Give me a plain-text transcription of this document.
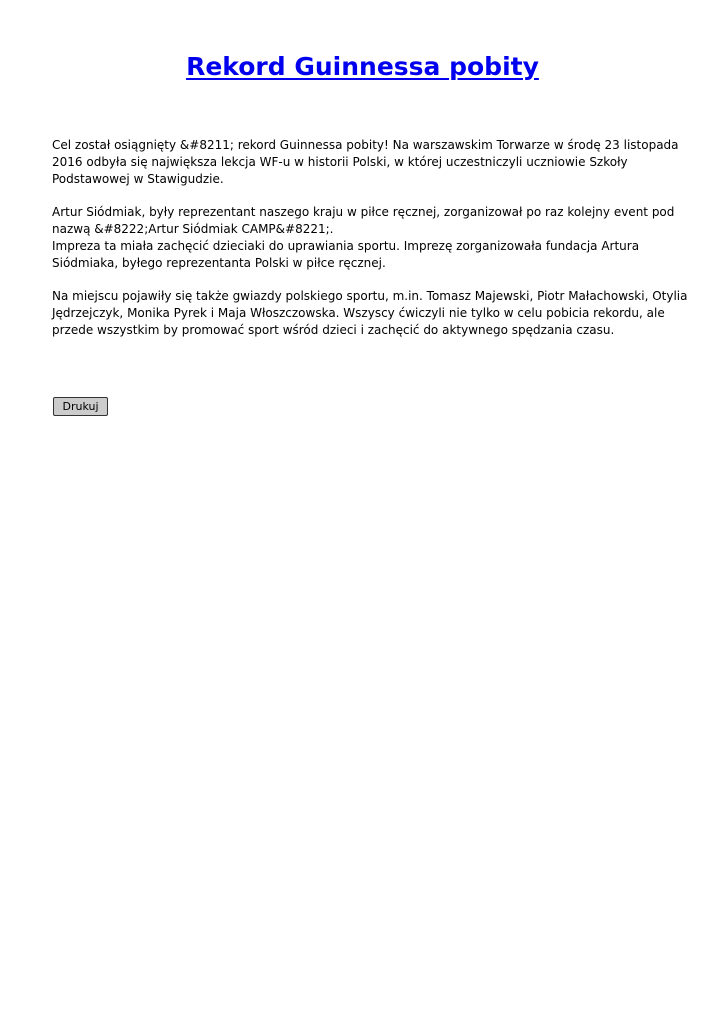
Rekord Guinnessa pobity

Cel został osiągnięty &#8211; rekord Guinnessa pobity! Na warszawskim Torwarze w środę 23 listopada
2016 odbyła się największa lekcja WF-u w historii Polski, w której uczestniczyli uczniowie Szkoły
Podstawowej w Stawigudzie.

Artur Siódmiak, były reprezentant naszego kraju w piłce ręcznej, zorganizował po raz kolejny event pod
nazwą &#8222;Artur Siódmiak CAMP&#8221;.
Impreza ta miała zachęcić dzieciaki do uprawiania sportu. Imprezę zorganizowała fundacja Artura
Siódmiaka, byłego reprezentanta Polski w piłce ręcznej.

Na miejscu pojawiły się także gwiazdy polskiego sportu, m.in. Tomasz Majewski, Piotr Małachowski, Otylia
Jędrzejczyk, Monika Pyrek i Maja Włoszczowska. Wszyscy ćwiczyli nie tylko w celu pobicia rekordu, ale
przede wszystkim by promować sport wśród dzieci i zachęcić do aktywnego spędzania czasu.

Drukuj
